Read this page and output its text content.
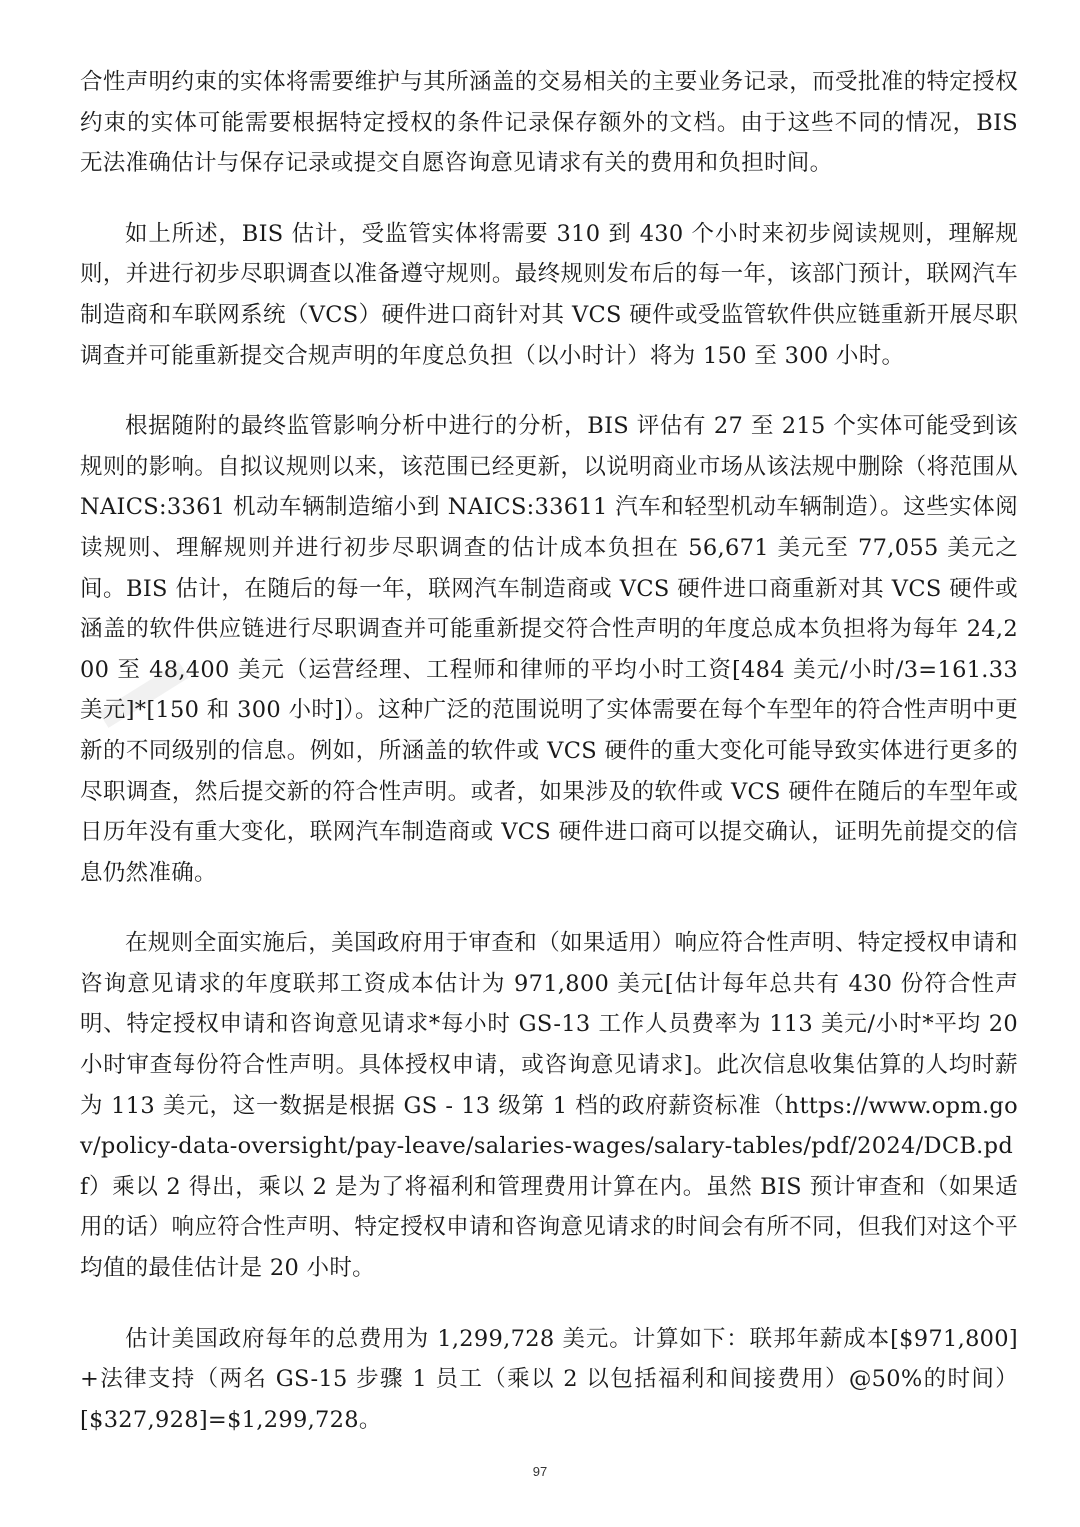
▁

合性声明约束的实体将需要维护与其所涵盖的交易相关的主要业务记录，而受批准的特定授权约束的实体可能需要根据特定授权的条件记录保存额外的文档。由于这些不同的情况，BIS 无法准确估计与保存记录或提交自愿咨询意见请求有关的费用和负担时间。

如上所述，BIS 估计，受监管实体将需要 310 到 430 个小时来初步阅读规则，理解规则，并进行初步尽职调查以准备遵守规则。最终规则发布后的每一年，该部门预计，联网汽车制造商和车联网系统（VCS）硬件进口商针对其 VCS 硬件或受监管软件供应链重新开展尽职调查并可能重新提交合规声明的年度总负担（以小时计）将为 150 至 300 小时。

根据随附的最终监管影响分析中进行的分析，BIS 评估有 27 至 215 个实体可能受到该规则的影响。自拟议规则以来，该范围已经更新，以说明商业市场从该法规中删除（将范围从 NAICS:3361 机动车辆制造缩小到 NAICS:33611 汽车和轻型机动车辆制造）。这些实体阅读规则、理解规则并进行初步尽职调查的估计成本负担在 56,671 美元至 77,055 美元之间。BIS 估计，在随后的每一年，联网汽车制造商或 VCS 硬件进口商重新对其 VCS 硬件或涵盖的软件供应链进行尽职调查并可能重新提交符合性声明的年度总成本负担将为每年 24,200 至 48,400 美元（运营经理、工程师和律师的平均小时工资[484 美元/小时/3=161.33 美元]*[150 和 300 小时]）。这种广泛的范围说明了实体需要在每个车型年的符合性声明中更新的不同级别的信息。例如，所涵盖的软件或 VCS 硬件的重大变化可能导致实体进行更多的尽职调查，然后提交新的符合性声明。或者，如果涉及的软件或 VCS 硬件在随后的车型年或日历年没有重大变化，联网汽车制造商或 VCS 硬件进口商可以提交确认，证明先前提交的信息仍然准确。

在规则全面实施后，美国政府用于审查和（如果适用）响应符合性声明、特定授权申请和咨询意见请求的年度联邦工资成本估计为 971,800 美元[估计每年总共有 430 份符合性声明、特定授权申请和咨询意见请求*每小时 GS-13 工作人员费率为 113 美元/小时*平均 20 小时审查每份符合性声明。具体授权申请，或咨询意见请求]。此次信息收集估算的人均时薪为 113 美元，这一数据是根据 GS - 13 级第 1 档的政府薪资标准（https://www.opm.gov/policy-data-oversight/pay-leave/salaries-wages/salary-tables/pdf/2024/DCB.pdf）乘以 2 得出，乘以 2 是为了将福利和管理费用计算在内。虽然 BIS 预计审查和（如果适用的话）响应符合性声明、特定授权申请和咨询意见请求的时间会有所不同，但我们对这个平均值的最佳估计是 20 小时。

估计美国政府每年的总费用为 1,299,728 美元。计算如下：联邦年薪成本[$971,800]+法律支持（两名 GS-15 步骤 1 员工（乘以 2 以包括福利和间接费用）@50%的时间）[$327,928]=$1,299,728。

97
